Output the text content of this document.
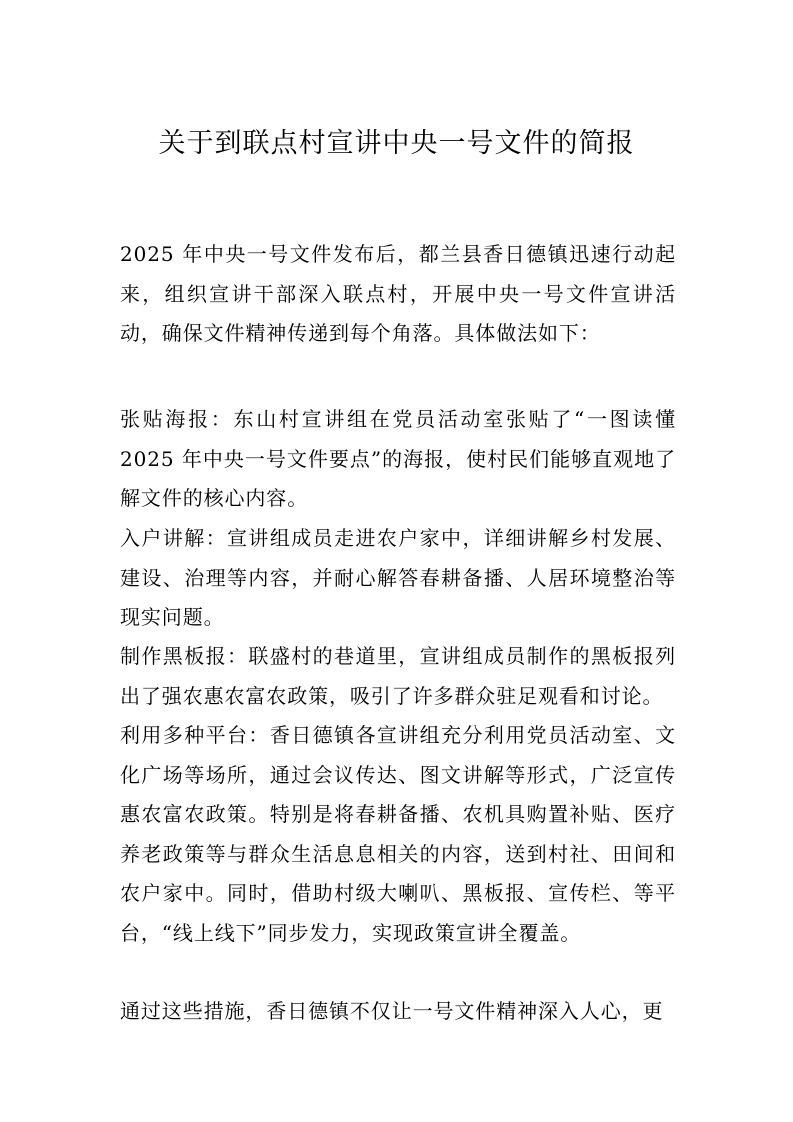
关于到联点村宣讲中央一号文件的简报

2025 年中央一号文件发布后，都兰县香日德镇迅速行动起来，组织宣讲干部深入联点村，开展中央一号文件宣讲活动，确保文件精神传递到每个角落。具体做法如下：

张贴海报：东山村宣讲组在党员活动室张贴了“一图读懂 2025 年中央一号文件要点”的海报，使村民们能够直观地了解文件的核心内容。

入户讲解：宣讲组成员走进农户家中，详细讲解乡村发展、建设、治理等内容，并耐心解答春耕备播、人居环境整治等现实问题。

制作黑板报：联盛村的巷道里，宣讲组成员制作的黑板报列出了强农惠农富农政策，吸引了许多群众驻足观看和讨论。

利用多种平台：香日德镇各宣讲组充分利用党员活动室、文化广场等场所，通过会议传达、图文讲解等形式，广泛宣传惠农富农政策。特别是将春耕备播、农机具购置补贴、医疗养老政策等与群众生活息息相关的内容，送到村社、田间和农户家中。同时，借助村级大喇叭、黑板报、宣传栏、等平台，“线上线下”同步发力，实现政策宣讲全覆盖。

通过这些措施，香日德镇不仅让一号文件精神深入人心，更
